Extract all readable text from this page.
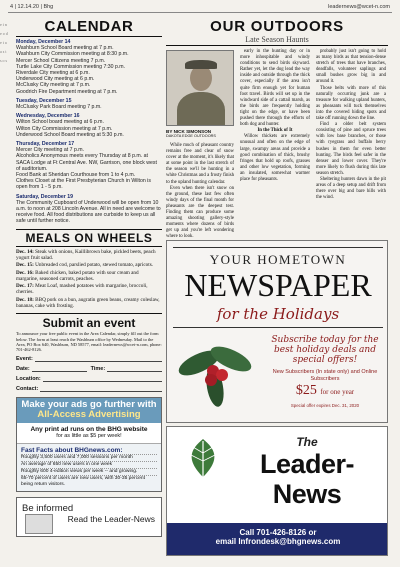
4 | 12.14.20 | Bhg	leadernews@wcet-n.com
e i n e o d e t a a s t s o s
CALENDAR
Monday, December 14
Washburn School Board meeting at 7 p.m.
Washburn City Commission meeting at 8:30 p.m.
Mercer School Citizens meeting 7 p.m.
Turtle Lake City Commission meeting 7:30 p.m.
Riverdale City meeting at 6 p.m.
Underwood City meeting at 6 p.m.
McClusky City meeting at 7 p.m.
Goodrich Fire Department meeting at 7 p.m.
Tuesday, December 15
McClusky Park Board meeting 7 p.m.
Wednesday, December 16
Wilton School board meeting at 6 p.m.
Wilton City Commission meeting at 7 p.m.
Underwood School Board meeting at 5:30 p.m.
Thursday, December 17
Mercer City meeting at 7 p.m.
Alcoholics Anonymous meets every Thursday at 8 p.m. at SACA Lodge at Ft Central Ave. NW, Garrison, one block west of auditorium.
Food Bank at Sheridan Courthouse from 1 to 4 p.m.
Clothes Closet at the First Presbyterian Church in Wilton is open from 1 - 5 p.m.
Saturday, December 19
The Community Cupboard of Underwood will be open from 10 a.m. to noon at 208 Lincoln Avenue. All in need are welcome to receive food. All food distributions are curbside to keep us all safe until further notice.
MEALS ON WHEELS
Dec. 14: Steak with onions, Kaillibrown bake, pickled beets, peach yogurt fruit salad.
Dec. 15: Unbreaded cod, parslied potato, stewed tomato, apricots.
Dec. 16: Baked chicken, baked potato with sour cream and margarine, seasoned carrots, peaches.
Dec. 17: Meat Loaf, mashed potatoes with margarine, broccoli, cherries.
Dec. 18: BBQ pork on a bun, augratin green beans, creamy coleslaw, bananas, cake with frosting.
Submit an event
To announce your free public event in the Area Calendar, simply fill out the form below. The form at least reach the Washburn office by Wednesday. Mail to the Area, PO Box 640, Washburn, ND 58577, email: leadernews@wcet-n.com, phone: 701-462-8126.
Event:
Date:	Time:
Location:
Contact:
Make your ads go further with
All-Access Advertising
Any print ad runs on the BHG website
for as little as $5 per week!
Fast Facts about BHGnews.com:
Roughly 3,500 users and 7,000 sessions per month
An average of 650 new users in one week
Roughly 600 4-edition views per week -- and growing.
65-70 percent of users are new users, with 30-35 percent being return visitors.
Be informed
Read the Leader-News
OUR OUTDOORS
Late Season Haunts
BY NICK SIMONSON
DAKOTA EDGE OUTDOORS

While much of pheasant country remains free and clear of snow cover at the moment, it's likely that at some point in the last stretch of the season we'll be hunting in a white Christmas and a frosty finish to the upland hunting calendar.

Even when there isn't snow on the ground, these last few often windy days of the final month for pheasants are the deepest test. Finding them can produce some amazing shooting gallery-style moments where dozens of birds get up and you're left wondering where to look.

early in the hunting day or in more inhospitable and windy conditions to send birds skyward. Rather yet, let the dog lead the way inside and outside through the thick cover, especially if the area isn't quite firm enough yet for human foot travel. Birds will set up in the windward side of a cattail marsh, as the birds are frequently holding tight on the edge, or have been pushed there through the efforts of both dog and hunter.

In the Thick of It

Willow thickets are extremely unusual and often on the edge of large, swampy areas and provide a good combination of thick, brushy fringes that hold up roofs, grasses and other low vegetation, forming an insulated, somewhat warmer place for pheasants.

probably just isn't going to hold as many birds as that tension-dense stretch of trees that have branches, deadfalls, volunteer saplings and small bushes grow big in and around it.

Those belts with more of this naturally occurring junk are a treasure for walking upland hunters, as pheasants will tuck themselves into the covered hiding spots and take off running down the line.

Find a older belt system consisting of pine and spruce trees with low base branches, or those with ryegrass and buffalo berry bushes in them for even better hunting. The birds feel safer in the denser and lower cover. They're more likely to flush during this late season stretch.

Sheltering hunters dawn in the pit areas of a deep setup and drift from there over big and bare hills with the wind.

YOUR HOMETOWN
NEWSPAPER
for the Holidays
Subscribe today for the best holiday deals and special offers!
New Subscribers (In state only) and Online Subscribers
$25 for one year
Special offer expires Dec. 31, 2020
The
Leader-News
Call 701-426-8126 or
email Infrondesk@bhgnews.com
